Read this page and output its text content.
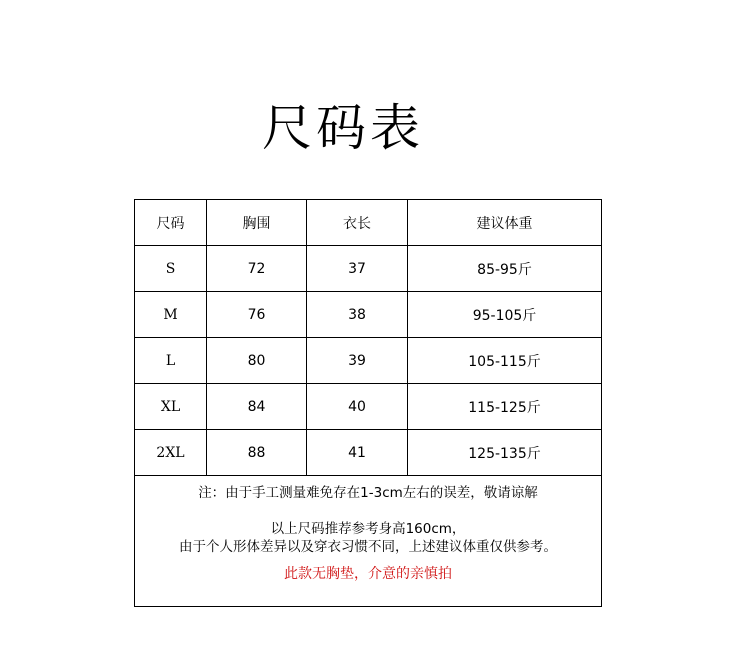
尺码表
尺码	胸围	衣长	建议体重
S	72	37	85-95斤
M	76	38	95-105斤
L	80	39	105-115斤
XL	84	40	115-125斤
2XL	88	41	125-135斤

注：由于手工测量难免存在1-3cm左右的误差，敬请谅解
以上尺码推荐参考身高160cm，
由于个人形体差异以及穿衣习惯不同，上述建议体重仅供参考。
此款无胸垫，介意的亲慎拍			
